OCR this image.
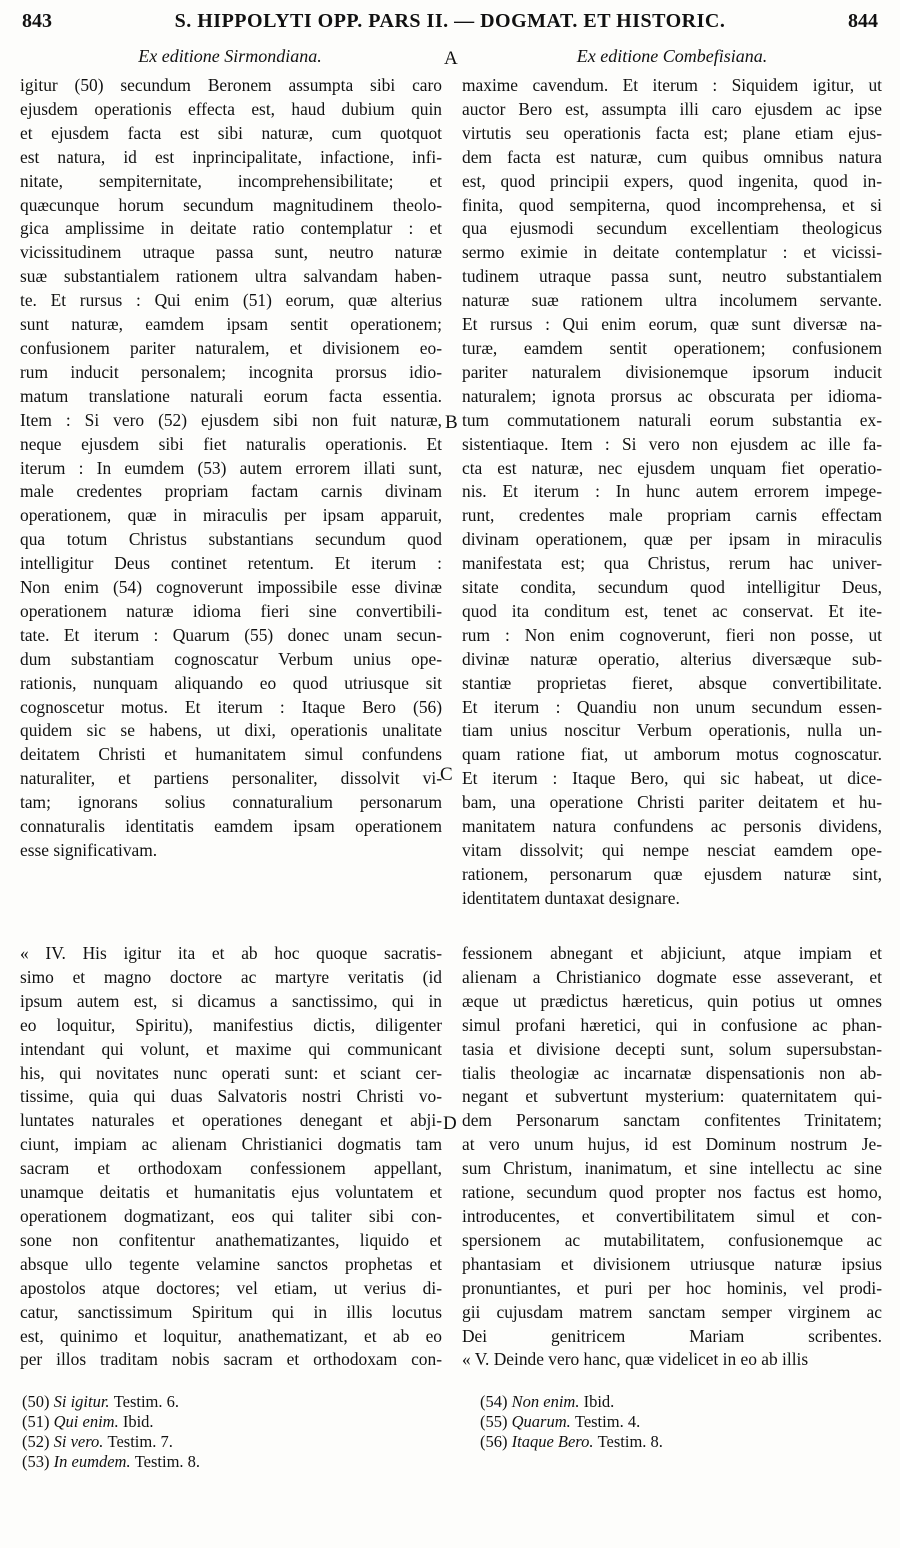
843	S. HIPPOLYTI OPP. PARS II. — DOGMAT. ET HISTORIC.	844
Ex editione Sirmondiana.	Ex editione Combefisiana.
A
B
C
D
igitur (50) secundum Beronem assumpta sibi caro
ejusdem operationis effecta est, haud dubium quin
et ejusdem facta est sibi naturæ, cum quotquot
est natura, id est inprincipalitate, infactione, infi-
nitate, sempiternitate, incomprehensibilitate; et
quæcunque horum secundum magnitudinem theolo-
gica amplissime in deitate ratio contemplatur : et
vicissitudinem utraque passa sunt, neutro naturæ
suæ substantialem rationem ultra salvandam haben-
te. Et rursus : Qui enim (51) eorum, quæ alterius
sunt naturæ, eamdem ipsam sentit operationem;
confusionem pariter naturalem, et divisionem eo-
rum inducit personalem; incognita prorsus idio-
matum translatione naturali eorum facta essentia.
Item : Si vero (52) ejusdem sibi non fuit naturæ,
neque ejusdem sibi fiet naturalis operationis. Et
iterum : In eumdem (53) autem errorem illati sunt,
male credentes propriam factam carnis divinam
operationem, quæ in miraculis per ipsam apparuit,
qua totum Christus substantians secundum quod
intelligitur Deus continet retentum. Et iterum :
Non enim (54) cognoverunt impossibile esse divinæ
operationem naturæ idioma fieri sine convertibili-
tate. Et iterum : Quarum (55) donec unam secun-
dum substantiam cognoscatur Verbum unius ope-
rationis, nunquam aliquando eo quod utriusque sit
cognoscetur motus. Et iterum : Itaque Bero (56)
quidem sic se habens, ut dixi, operationis unalitate
deitatem Christi et humanitatem simul confundens
naturaliter, et partiens personaliter, dissolvit vi-
tam; ignorans solius connaturalium personarum
connaturalis identitatis eamdem ipsam operationem
esse significativam.
maxime cavendum. Et iterum : Siquidem igitur, ut
auctor Bero est, assumpta illi caro ejusdem ac ipse
virtutis seu operationis facta est; plane etiam ejus-
dem facta est naturæ, cum quibus omnibus natura
est, quod principii expers, quod ingenita, quod in-
finita, quod sempiterna, quod incomprehensa, et si
qua ejusmodi secundum excellentiam theologicus
sermo eximie in deitate contemplatur : et vicissi-
tudinem utraque passa sunt, neutro substantialem
naturæ suæ rationem ultra incolumem servante.
Et rursus : Qui enim eorum, quæ sunt diversæ na-
turæ, eamdem sentit operationem; confusionem
pariter naturalem divisionemque ipsorum inducit
naturalem; ignota prorsus ac obscurata per idioma-
tum commutationem naturali eorum substantia ex-
sistentiaque. Item : Si vero non ejusdem ac ille fa-
cta est naturæ, nec ejusdem unquam fiet operatio-
nis. Et iterum : In hunc autem errorem impege-
runt, credentes male propriam carnis effectam
divinam operationem, quæ per ipsam in miraculis
manifestata est; qua Christus, rerum hac univer-
sitate condita, secundum quod intelligitur Deus,
quod ita conditum est, tenet ac conservat. Et ite-
rum : Non enim cognoverunt, fieri non posse, ut
divinæ naturæ operatio, alterius diversæque sub-
stantiæ proprietas fieret, absque convertibilitate.
Et iterum : Quandiu non unum secundum essen-
tiam unius noscitur Verbum operationis, nulla un-
quam ratione fiat, ut amborum motus cognoscatur.
Et iterum : Itaque Bero, qui sic habeat, ut dice-
bam, una operatione Christi pariter deitatem et hu-
manitatem natura confundens ac personis dividens,
vitam dissolvit; qui nempe nesciat eamdem ope-
rationem, personarum quæ ejusdem naturæ sint,
identitatem duntaxat designare.
« IV. His igitur ita et ab hoc quoque sacratis-
simo et magno doctore ac martyre veritatis (id
ipsum autem est, si dicamus a sanctissimo, qui in
eo loquitur, Spiritu), manifestius dictis, diligenter
intendant qui volunt, et maxime qui communicant
his, qui novitates nunc operati sunt: et sciant cer-
tissime, quia qui duas Salvatoris nostri Christi vo-
luntates naturales et operationes denegant et abji-
ciunt, impiam ac alienam Christianici dogmatis tam
sacram et orthodoxam confessionem appellant,
unamque deitatis et humanitatis ejus voluntatem et
operationem dogmatizant, eos qui taliter sibi con-
sone non confitentur anathematizantes, liquido et
absque ullo tegente velamine sanctos prophetas et
apostolos atque doctores; vel etiam, ut verius di-
catur, sanctissimum Spiritum qui in illis locutus
est, quinimo et loquitur, anathematizant, et ab eo
per illos traditam nobis sacram et orthodoxam con-
fessionem abnegant et abjiciunt, atque impiam et
alienam a Christianico dogmate esse asseverant, et
æque ut prædictus hæreticus, quin potius ut omnes
simul profani hæretici, qui in confusione ac phan-
tasia et divisione decepti sunt, solum supersubstan-
tialis theologiæ ac incarnatæ dispensationis non ab-
negant et subvertunt mysterium: quaternitatem qui-
dem Personarum sanctam confitentes Trinitatem;
at vero unum hujus, id est Dominum nostrum Je-
sum Christum, inanimatum, et sine intellectu ac sine
ratione, secundum quod propter nos factus est homo,
introducentes, et convertibilitatem simul et con-
spersionem ac mutabilitatem, confusionemque ac
phantasiam et divisionem utriusque naturæ ipsius
pronuntiantes, et puri per hoc hominis, vel prodi-
gii cujusdam matrem sanctam semper virginem ac
Dei genitricem Mariam scribentes.
« V. Deinde vero hanc, quæ videlicet in eo ab illis
(50) Si igitur. Testim. 6.
(51) Qui enim. Ibid.
(52) Si vero. Testim. 7.
(53) In eumdem. Testim. 8.
(54) Non enim. Ibid.
(55) Quarum. Testim. 4.
(56) Itaque Bero. Testim. 8.
